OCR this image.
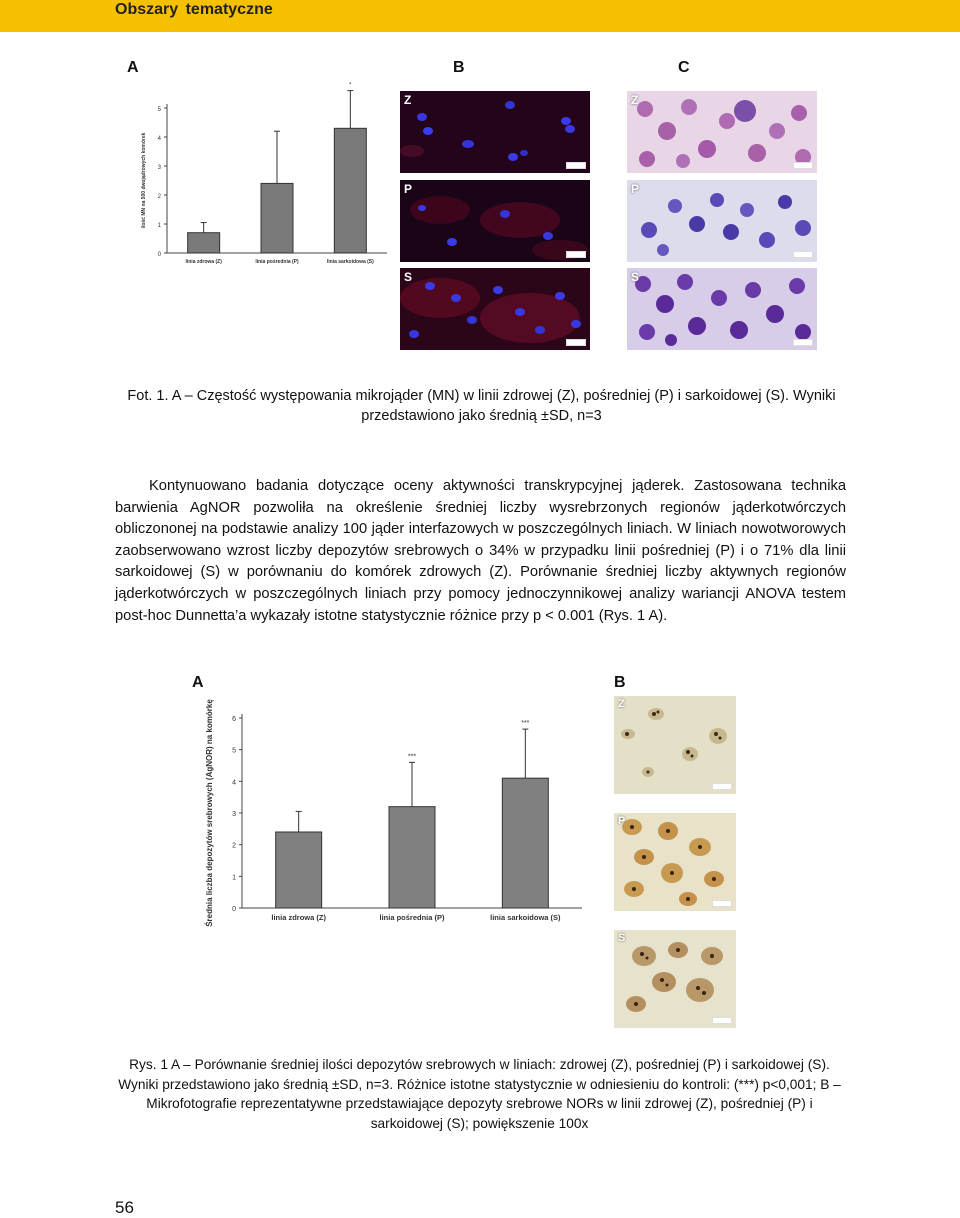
Obszary tematyczne
A	B	C
0
1
2
3
4
5
ilość MN na 500 dwujądrowych komórek
linia zdrowa (Z)	linia pośrednia (P)
*
linia sarkoidowa (S)
Z
P
S
Z
P
S
Fot. 1. A – Częstość występowania mikrojąder (MN) w linii zdrowej (Z), pośredniej (P) i sarkoidowej (S). Wyniki przedstawiono jako średnią ±SD, n=3

Kontynuowano badania dotyczące oceny aktywności transkrypcyjnej jąderek. Zastosowana technika barwienia AgNOR pozwoliła na określenie średniej liczby wysrebrzonych regionów jąderkotwórczych obliczononej na podstawie analizy 100 jąder interfazowych w poszczególnych liniach. W liniach nowotworowych zaobserwowano wzrost liczby depozytów srebrowych o 34% w przypadku linii pośredniej (P) i o 71% dla linii sarkoidowej (S) w porównaniu do komórek zdrowych (Z). Porównanie średniej liczby aktywnych regionów jąderkotwórczych w poszczególnych liniach przy pomocy jednoczynnikowej analizy wariancji ANOVA testem post-hoc Dunnetta’a wykazały istotne statystycznie różnice przy p < 0.001 (Rys. 1 A).

A	B
0
1
2
3
4
5
6
Średnia liczba depozytów srebrowych (AgNOR) na komórkę	linia zdrowa (Z)
***
linia pośrednia (P)
***
linia sarkoidowa (S)
Z
P
S
Rys. 1 A – Porównanie średniej ilości depozytów srebrowych w liniach: zdrowej (Z), pośredniej (P) i sarkoidowej (S). Wyniki przedstawiono jako średnią ±SD, n=3. Różnice istotne statystycznie w odniesieniu do kontroli: (***) p<0,001; B – Mikrofotografie reprezentatywne przedstawiające depozyty srebrowe NORs w linii zdrowej (Z), pośredniej (P) i sarkoidowej (S); powiększenie 100x
56
